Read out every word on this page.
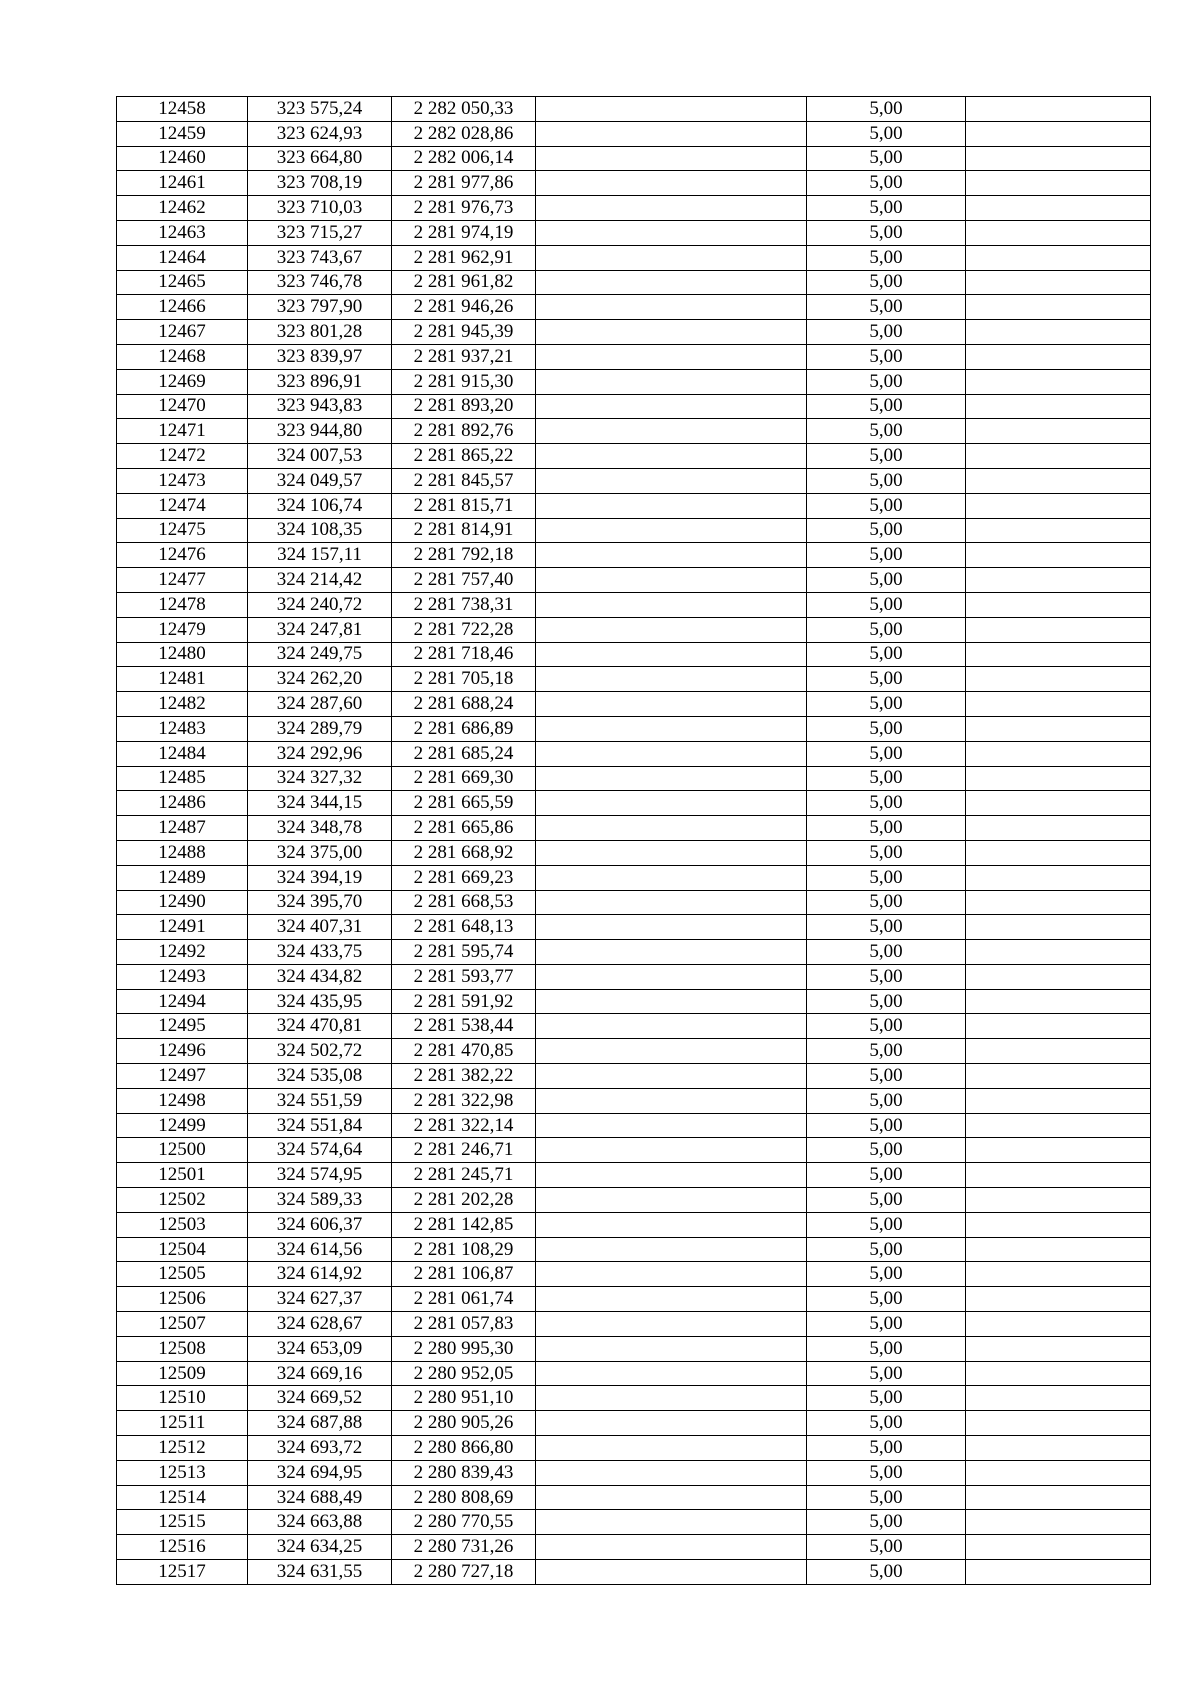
12458	323 575,24	2 282 050,33		5,00	
12459	323 624,93	2 282 028,86		5,00	
12460	323 664,80	2 282 006,14		5,00	
12461	323 708,19	2 281 977,86		5,00	
12462	323 710,03	2 281 976,73		5,00	
12463	323 715,27	2 281 974,19		5,00	
12464	323 743,67	2 281 962,91		5,00	
12465	323 746,78	2 281 961,82		5,00	
12466	323 797,90	2 281 946,26		5,00	
12467	323 801,28	2 281 945,39		5,00	
12468	323 839,97	2 281 937,21		5,00	
12469	323 896,91	2 281 915,30		5,00	
12470	323 943,83	2 281 893,20		5,00	
12471	323 944,80	2 281 892,76		5,00	
12472	324 007,53	2 281 865,22		5,00	
12473	324 049,57	2 281 845,57		5,00	
12474	324 106,74	2 281 815,71		5,00	
12475	324 108,35	2 281 814,91		5,00	
12476	324 157,11	2 281 792,18		5,00	
12477	324 214,42	2 281 757,40		5,00	
12478	324 240,72	2 281 738,31		5,00	
12479	324 247,81	2 281 722,28		5,00	
12480	324 249,75	2 281 718,46		5,00	
12481	324 262,20	2 281 705,18		5,00	
12482	324 287,60	2 281 688,24		5,00	
12483	324 289,79	2 281 686,89		5,00	
12484	324 292,96	2 281 685,24		5,00	
12485	324 327,32	2 281 669,30		5,00	
12486	324 344,15	2 281 665,59		5,00	
12487	324 348,78	2 281 665,86		5,00	
12488	324 375,00	2 281 668,92		5,00	
12489	324 394,19	2 281 669,23		5,00	
12490	324 395,70	2 281 668,53		5,00	
12491	324 407,31	2 281 648,13		5,00	
12492	324 433,75	2 281 595,74		5,00	
12493	324 434,82	2 281 593,77		5,00	
12494	324 435,95	2 281 591,92		5,00	
12495	324 470,81	2 281 538,44		5,00	
12496	324 502,72	2 281 470,85		5,00	
12497	324 535,08	2 281 382,22		5,00	
12498	324 551,59	2 281 322,98		5,00	
12499	324 551,84	2 281 322,14		5,00	
12500	324 574,64	2 281 246,71		5,00	
12501	324 574,95	2 281 245,71		5,00	
12502	324 589,33	2 281 202,28		5,00	
12503	324 606,37	2 281 142,85		5,00	
12504	324 614,56	2 281 108,29		5,00	
12505	324 614,92	2 281 106,87		5,00	
12506	324 627,37	2 281 061,74		5,00	
12507	324 628,67	2 281 057,83		5,00	
12508	324 653,09	2 280 995,30		5,00	
12509	324 669,16	2 280 952,05		5,00	
12510	324 669,52	2 280 951,10		5,00	
12511	324 687,88	2 280 905,26		5,00	
12512	324 693,72	2 280 866,80		5,00	
12513	324 694,95	2 280 839,43		5,00	
12514	324 688,49	2 280 808,69		5,00	
12515	324 663,88	2 280 770,55		5,00	
12516	324 634,25	2 280 731,26		5,00	
12517	324 631,55	2 280 727,18		5,00	
